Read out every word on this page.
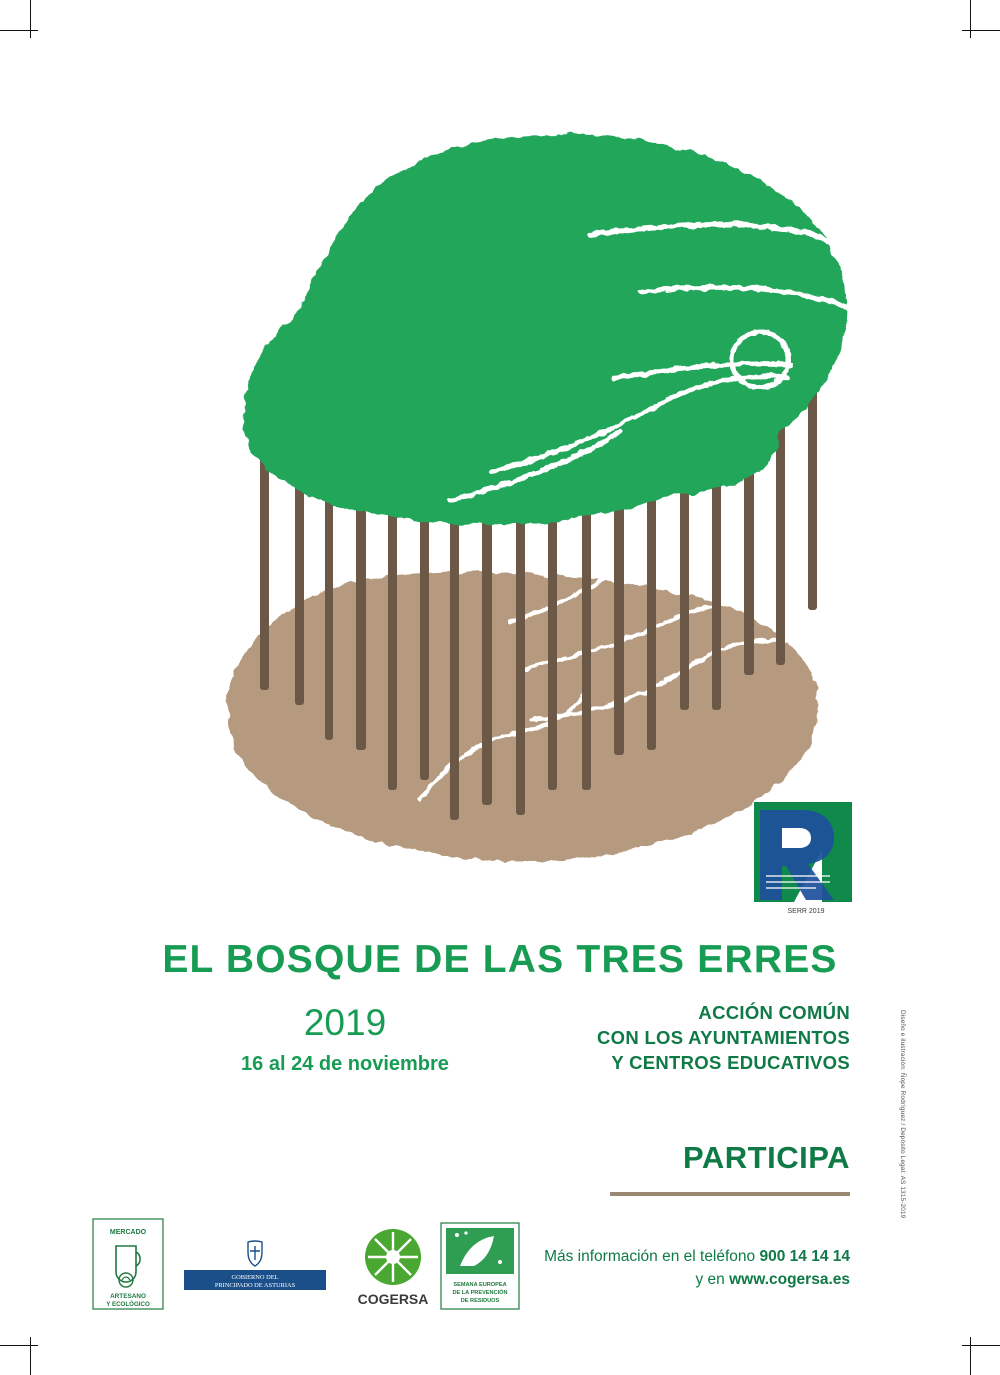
SERR 2019
EL BOSQUE DE LAS TRES ERRES
2019
16 al 24 de noviembre
ACCIÓN COMÚN
CON LOS AYUNTAMIENTOS
Y CENTROS EDUCATIVOS
PARTICIPA
Más información en el teléfono 900 14 14 14
y en www.cogersa.es
Diseño e ilustración: Ñope Rodríguez / Depósito Legal: AS 1315-2019
MERCADO
ARTESANO
Y ECOLÓGICO
GOBIERNO DEL
PRINCIPADO DE ASTURIAS
COGERSA
SEMANA EUROPEA
DE LA PREVENCIÓN
DE RESIDUOS
